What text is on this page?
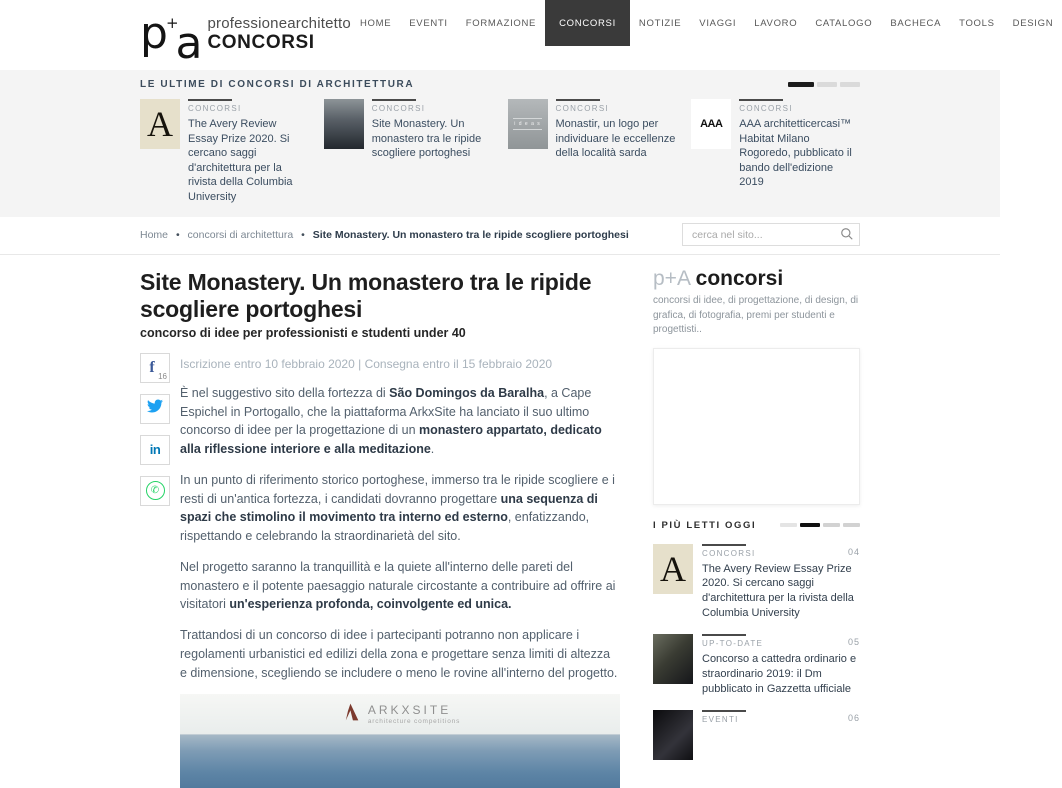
p
+
a professionearchitetto
CONCORSI
HOME	EVENTI	FORMAZIONE	CONCORSI	NOTIZIE	VIAGGI	LAVORO	CATALOGO	BACHECA	TOOLS	DESIGN
LE ULTIME DI CONCORSI DI ARCHITETTURA
A CONCORSI
The Avery Review Essay Prize 2020. Si cercano saggi d'architettura per la rivista della Columbia University
CONCORSI
Site Monastery. Un monastero tra le ripide scogliere portoghesi
i d e a s
CONCORSI
Monastir, un logo per individuare le eccellenze della località sarda
AAA
CONCORSI
AAA architetticercasi™ Habitat Milano Rogoredo, pubblicato il bando dell'edizione 2019
Home • concorsi di architettura • Site Monastery. Un monastero tra le ripide scogliere portoghesi
cerca nel sito...
Site Monastery. Un monastero tra le ripide scogliere portoghesi
concorso di idee per professionisti e studenti under 40
f
16
in
✆
Iscrizione entro 10 febbraio 2020 | Consegna entro il 15 febbraio 2020

È nel suggestivo sito della fortezza di São Domingos da Baralha, a Cape Espichel in Portogallo, che la piattaforma ArkxSite ha lanciato il suo ultimo concorso di idee per la progettazione di un monastero appartato, dedicato alla riflessione interiore e alla meditazione.

In un punto di riferimento storico portoghese, immerso tra le ripide scogliere e i resti di un'antica fortezza, i candidati dovranno progettare una sequenza di spazi che stimolino il movimento tra interno ed esterno, enfatizzando, rispettando e celebrando la straordinarietà del sito.

Nel progetto saranno la tranquillità e la quiete all'interno delle pareti del monastero e il potente paesaggio naturale circostante a contribuire ad offrire ai visitatori un'esperienza profonda, coinvolgente ed unica.

Trattandosi di un concorso di idee i partecipanti potranno non applicare i regolamenti urbanistici ed edilizi della zona e progettare senza limiti di altezza e dimensione, scegliendo se includere o meno le rovine all'interno del progetto.

ARKXSITE
architecture competitions
p+A concorsi
concorsi di idee, di progettazione, di design, di grafica, di fotografia, premi per studenti e progettisti..
I PIÙ LETTI OGGI
A	04
CONCORSI
The Avery Review Essay Prize 2020. Si cercano saggi d'architettura per la rivista della Columbia University
05
UP-TO-DATE
Concorso a cattedra ordinario e straordinario 2019: il Dm pubblicato in Gazzetta ufficiale
06
EVENTI
